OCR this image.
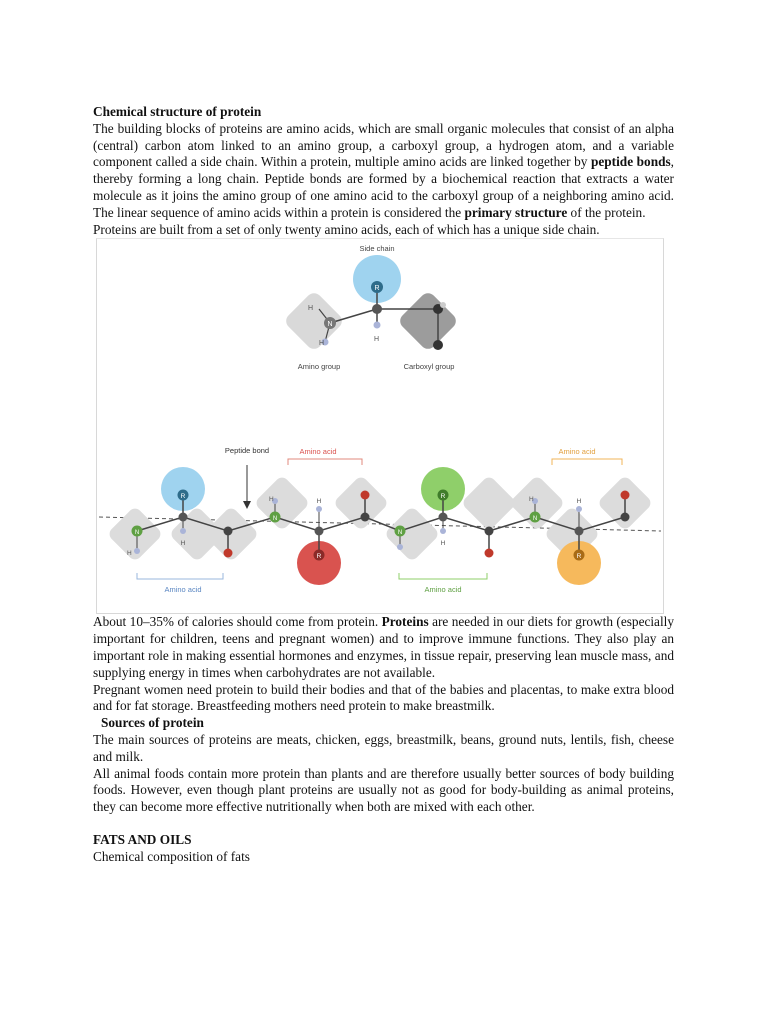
Chemical structure of protein

The building blocks of proteins are amino acids, which are small organic molecules that consist of an alpha (central) carbon atom linked to an amino group, a carboxyl group, a hydrogen atom, and a variable component called a side chain. Within a protein, multiple amino acids are linked together by peptide bonds, thereby forming a long chain. Peptide bonds are formed by a biochemical reaction that extracts a water molecule as it joins the amino group of one amino acid to the carboxyl group of a neighboring amino acid. The linear sequence of amino acids within a protein is considered the primary structure of the protein.

Proteins are built from a set of only twenty amino acids, each of which has a unique side chain.

R
N
H
H
H
Side chain
Amino group	Carboxyl group
R
R
R
R
N
N
N
N
H
H
H
H
H	H
H
Peptide bond	Amino acid	Amino acid
Amino acid	Amino acid

About 10–35% of calories should come from protein. Proteins are needed in our diets for growth (especially important for children, teens and pregnant women) and to improve immune functions. They also play an important role in making essential hormones and enzymes, in tissue repair, preserving lean muscle mass, and supplying energy in times when carbohydrates are not available.

Pregnant women need protein to build their bodies and that of the babies and placentas, to make extra blood and for fat storage. Breastfeeding mothers need protein to make breastmilk.

Sources of protein

The main sources of proteins are meats, chicken, eggs, breastmilk, beans, ground nuts, lentils, fish, cheese and milk.

All animal foods contain more protein than plants and are therefore usually better sources of body building foods. However, even though plant proteins are usually not as good for body-building as animal proteins, they can become more effective nutritionally when both are mixed with each other.

FATS AND OILS

Chemical composition of fats
